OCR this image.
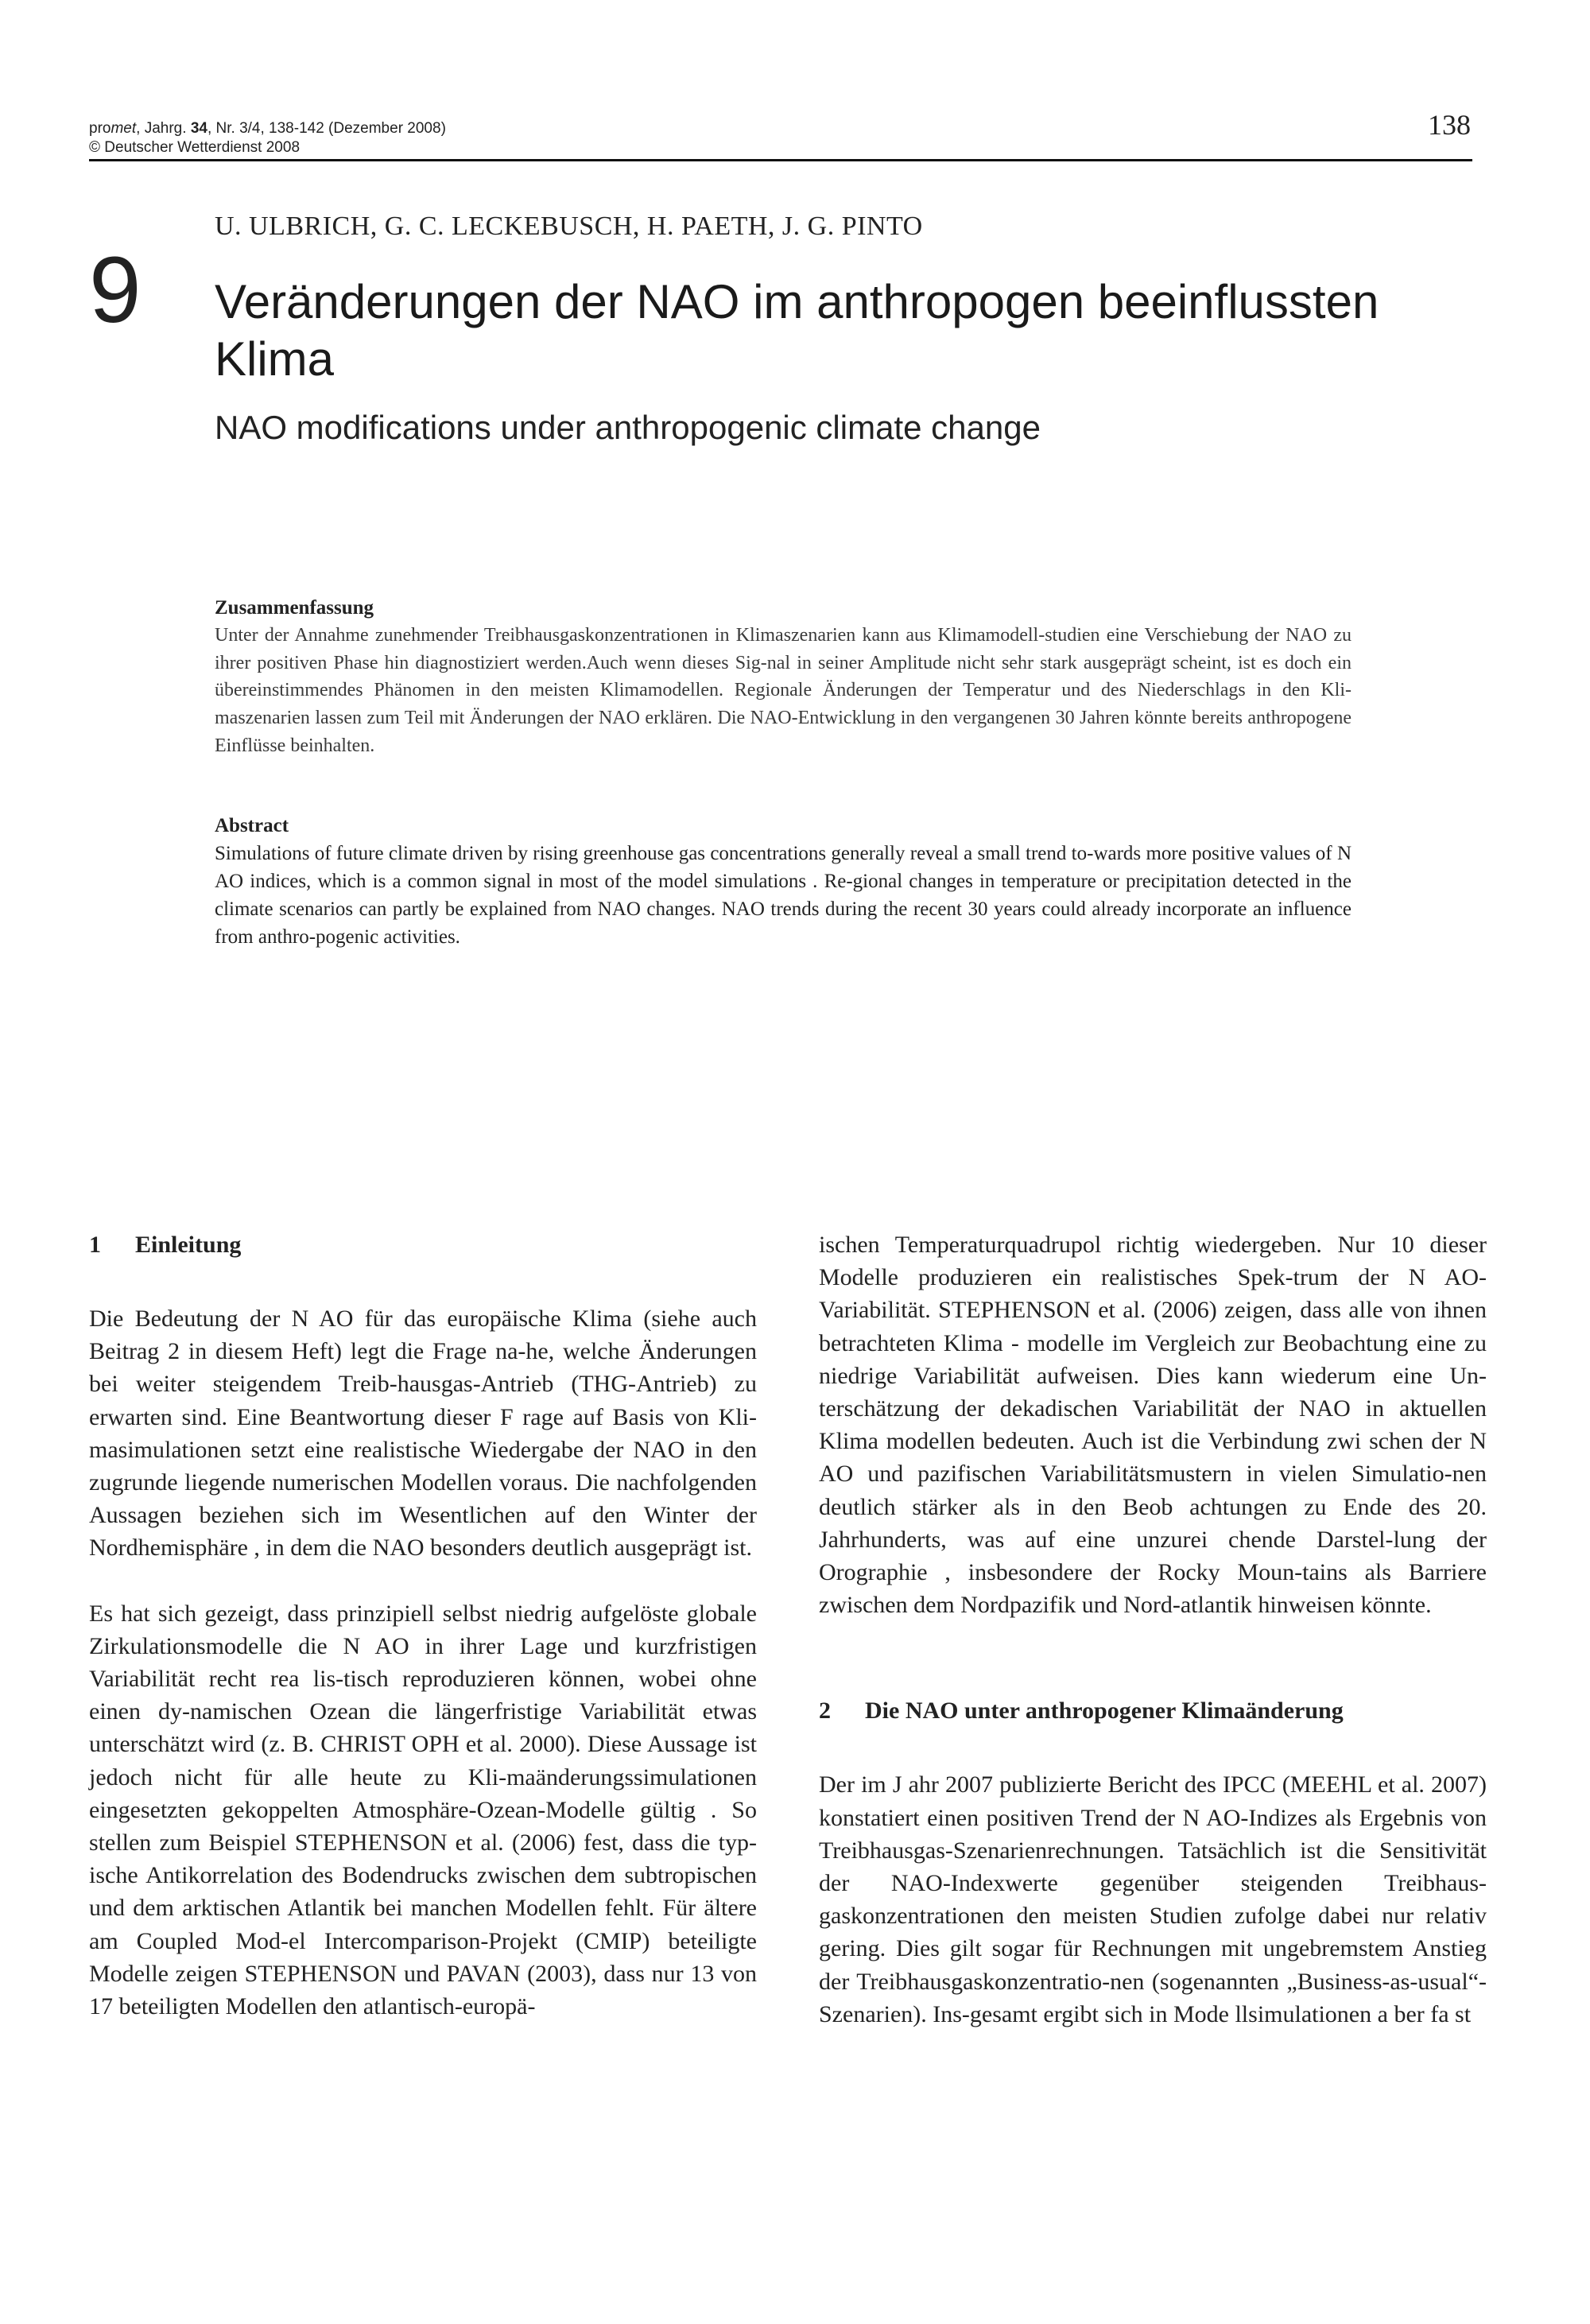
promet, Jahrg. 34, Nr. 3/4, 138-142 (Dezember 2008)
© Deutscher Wetterdienst 2008
138
U. ULBRICH, G. C. LECKEBUSCH, H. PAETH, J. G. PINTO
9 Veränderungen der NAO im anthropogen beeinflussten Klima
NAO modifications under anthropogenic climate change
Zusammenfassung

Unter der Annahme zunehmender Treibhausgaskonzentrationen in Klimaszenarien kann aus Klimamodell-studien eine Verschiebung der NAO zu ihrer positiven Phase hin diagnostiziert werden.Auch wenn dieses Sig-nal in seiner Amplitude nicht sehr stark ausgeprägt scheint, ist es doch ein übereinstimmendes Phänomen in den meisten Klimamodellen. Regionale Änderungen der Temperatur und des Niederschlags in den Kli-maszenarien lassen zum Teil mit Änderungen der NAO erklären. Die NAO-Entwicklung in den vergangenen 30 Jahren könnte bereits anthropogene Einflüsse beinhalten.

Abstract

Simulations of future climate driven by rising greenhouse gas concentrations generally reveal a small trend to-wards more positive values of N AO indices, which is a common signal in most of the model simulations . Re-gional changes in temperature or precipitation detected in the climate scenarios can partly be explained from NAO changes. NAO trends during the recent 30 years could already incorporate an influence from anthro-pogenic activities.

1 Einleitung

Die Bedeutung der N AO für das europäische Klima (siehe auch Beitrag 2 in diesem Heft) legt die Frage na-he, welche Änderungen bei weiter steigendem Treib-hausgas-Antrieb (THG-Antrieb) zu erwarten sind. Eine Beantwortung dieser F rage auf Basis von Kli-masimulationen setzt eine realistische Wiedergabe der NAO in den zugrunde liegende numerischen Modellen voraus. Die nachfolgenden Aussagen beziehen sich im Wesentlichen auf den Winter der Nordhemisphäre , in dem die NAO besonders deutlich ausgeprägt ist.

Es hat sich gezeigt, dass prinzipiell selbst niedrig aufgelöste globale Zirkulationsmodelle die N AO in ihrer Lage und kurzfristigen Variabilität recht rea lis-tisch reproduzieren können, wobei ohne einen dy-namischen Ozean die längerfristige Variabilität etwas unterschätzt wird (z. B. CHRIST OPH et al. 2000). Diese Aussage ist jedoch nicht für alle heute zu Kli-maänderungssimulationen eingesetzten gekoppelten Atmosphäre-Ozean-Modelle gültig . So stellen zum Beispiel STEPHENSON et al. (2006) fest, dass die typ-ische Antikorrelation des Bodendrucks zwischen dem subtropischen und dem arktischen Atlantik bei manchen Modellen fehlt. Für ältere am Coupled Mod-el Intercomparison-Projekt (CMIP) beteiligte Modelle zeigen STEPHENSON und PAVAN (2003), dass nur 13 von 17 beteiligten Modellen den atlantisch-europä-

ischen Temperaturquadrupol richtig wiedergeben. Nur 10 dieser Modelle produzieren ein realistisches Spek-trum der N AO-Variabilität. STEPHENSON et al. (2006) zeigen, dass alle von ihnen betrachteten Klima - modelle im Vergleich zur Beobachtung eine zu niedrige Variabilität aufweisen. Dies kann wiederum eine Un-terschätzung der dekadischen Variabilität der NAO in aktuellen Klima modellen bedeuten. Auch ist die Verbindung zwi schen der N AO und pazifischen Variabilitätsmustern in vielen Simulatio-nen deutlich stärker als in den Beob achtungen zu Ende des 20. Jahrhunderts, was auf eine unzurei chende Darstel-lung der Orographie , insbesondere der Rocky Moun-tains als Barriere zwischen dem Nordpazifik und Nord-atlantik hinweisen könnte.

2 Die NAO unter anthropogener Klimaänderung

Der im J ahr 2007 publizierte Bericht des IPCC (MEEHL et al. 2007) konstatiert einen positiven Trend der N AO-Indizes als Ergebnis von Treibhausgas-Szenarienrechnungen. Tatsächlich ist die Sensitivität der NAO-Indexwerte gegenüber steigenden Treibhaus-gaskonzentrationen den meisten Studien zufolge dabei nur relativ gering. Dies gilt sogar für Rechnungen mit ungebremstem Anstieg der Treibhausgaskonzentratio-nen (sogenannten „Business-as-usual“-Szenarien). Ins-gesamt ergibt sich in Mode llsimulationen a ber fa st
